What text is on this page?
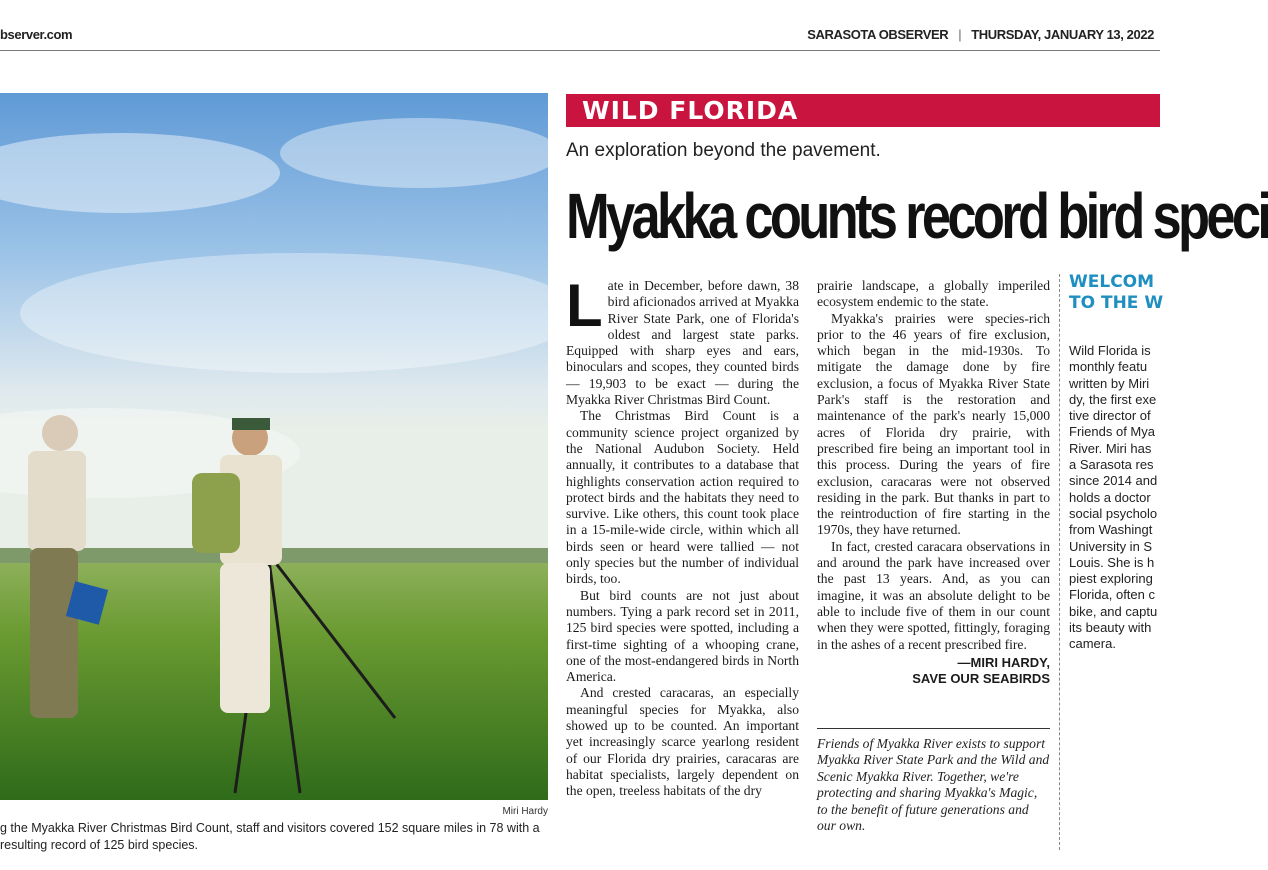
bserver.com	SARASOTA OBSERVER | THURSDAY, JANUARY 13, 2022
Miri Hardy
g the Myakka River Christmas Bird Count, staff and visitors covered 152 square miles in 78 with a resulting record of 125 bird species.
WILD FLORIDA
An exploration beyond the pavement.
Myakka counts record bird speci

Late in December, before dawn, 38 bird aficionados arrived at Myakka River State Park, one of Florida's oldest and largest state parks. Equipped with sharp eyes and ears, binoculars and scopes, they counted birds — 19,903 to be exact — during the Myakka River Christmas Bird Count.

The Christmas Bird Count is a community science project organized by the National Audubon Society. Held annually, it contributes to a database that highlights conservation action required to protect birds and the habitats they need to survive. Like others, this count took place in a 15-mile-wide circle, within which all birds seen or heard were tallied — not only species but the number of individual birds, too.

But bird counts are not just about numbers. Tying a park record set in 2011, 125 bird species were spotted, including a first-time sighting of a whooping crane, one of the most-endangered birds in North America.

And crested caracaras, an especially meaningful species for Myakka, also showed up to be counted. An important yet increasingly scarce yearlong resident of our Florida dry prairies, caracaras are habitat specialists, largely dependent on the open, treeless habitats of the dry

prairie landscape, a globally imperiled ecosystem endemic to the state.

Myakka's prairies were species-rich prior to the 46 years of fire exclusion, which began in the mid-1930s. To mitigate the damage done by fire exclusion, a focus of Myakka River State Park's staff is the restoration and maintenance of the park's nearly 15,000 acres of Florida dry prairie, with prescribed fire being an important tool in this process. During the years of fire exclusion, caracaras were not observed residing in the park. But thanks in part to the reintroduction of fire starting in the 1970s, they have returned.

In fact, crested caracara observations in and around the park have increased over the past 13 years. And, as you can imagine, it was an absolute delight to be able to include five of them in our count when they were spotted, fittingly, foraging in the ashes of a recent prescribed fire.

—MIRI HARDY,
SAVE OUR SEABIRDS
Friends of Myakka River exists to support Myakka River State Park and the Wild and Scenic Myakka River. Together, we're protecting and sharing Myakka's Magic, to the benefit of future generations and our own.
WELCOM
TO THE W
Wild Florida is
monthly featu
written by Miri
dy, the first exe
tive director of
Friends of Mya
River. Miri has
a Sarasota res
since 2014 and
holds a doctor
social psycholo
from Washingt
University in S
Louis. She is h
piest exploring
Florida, often c
bike, and captu
its beauty with
camera.
